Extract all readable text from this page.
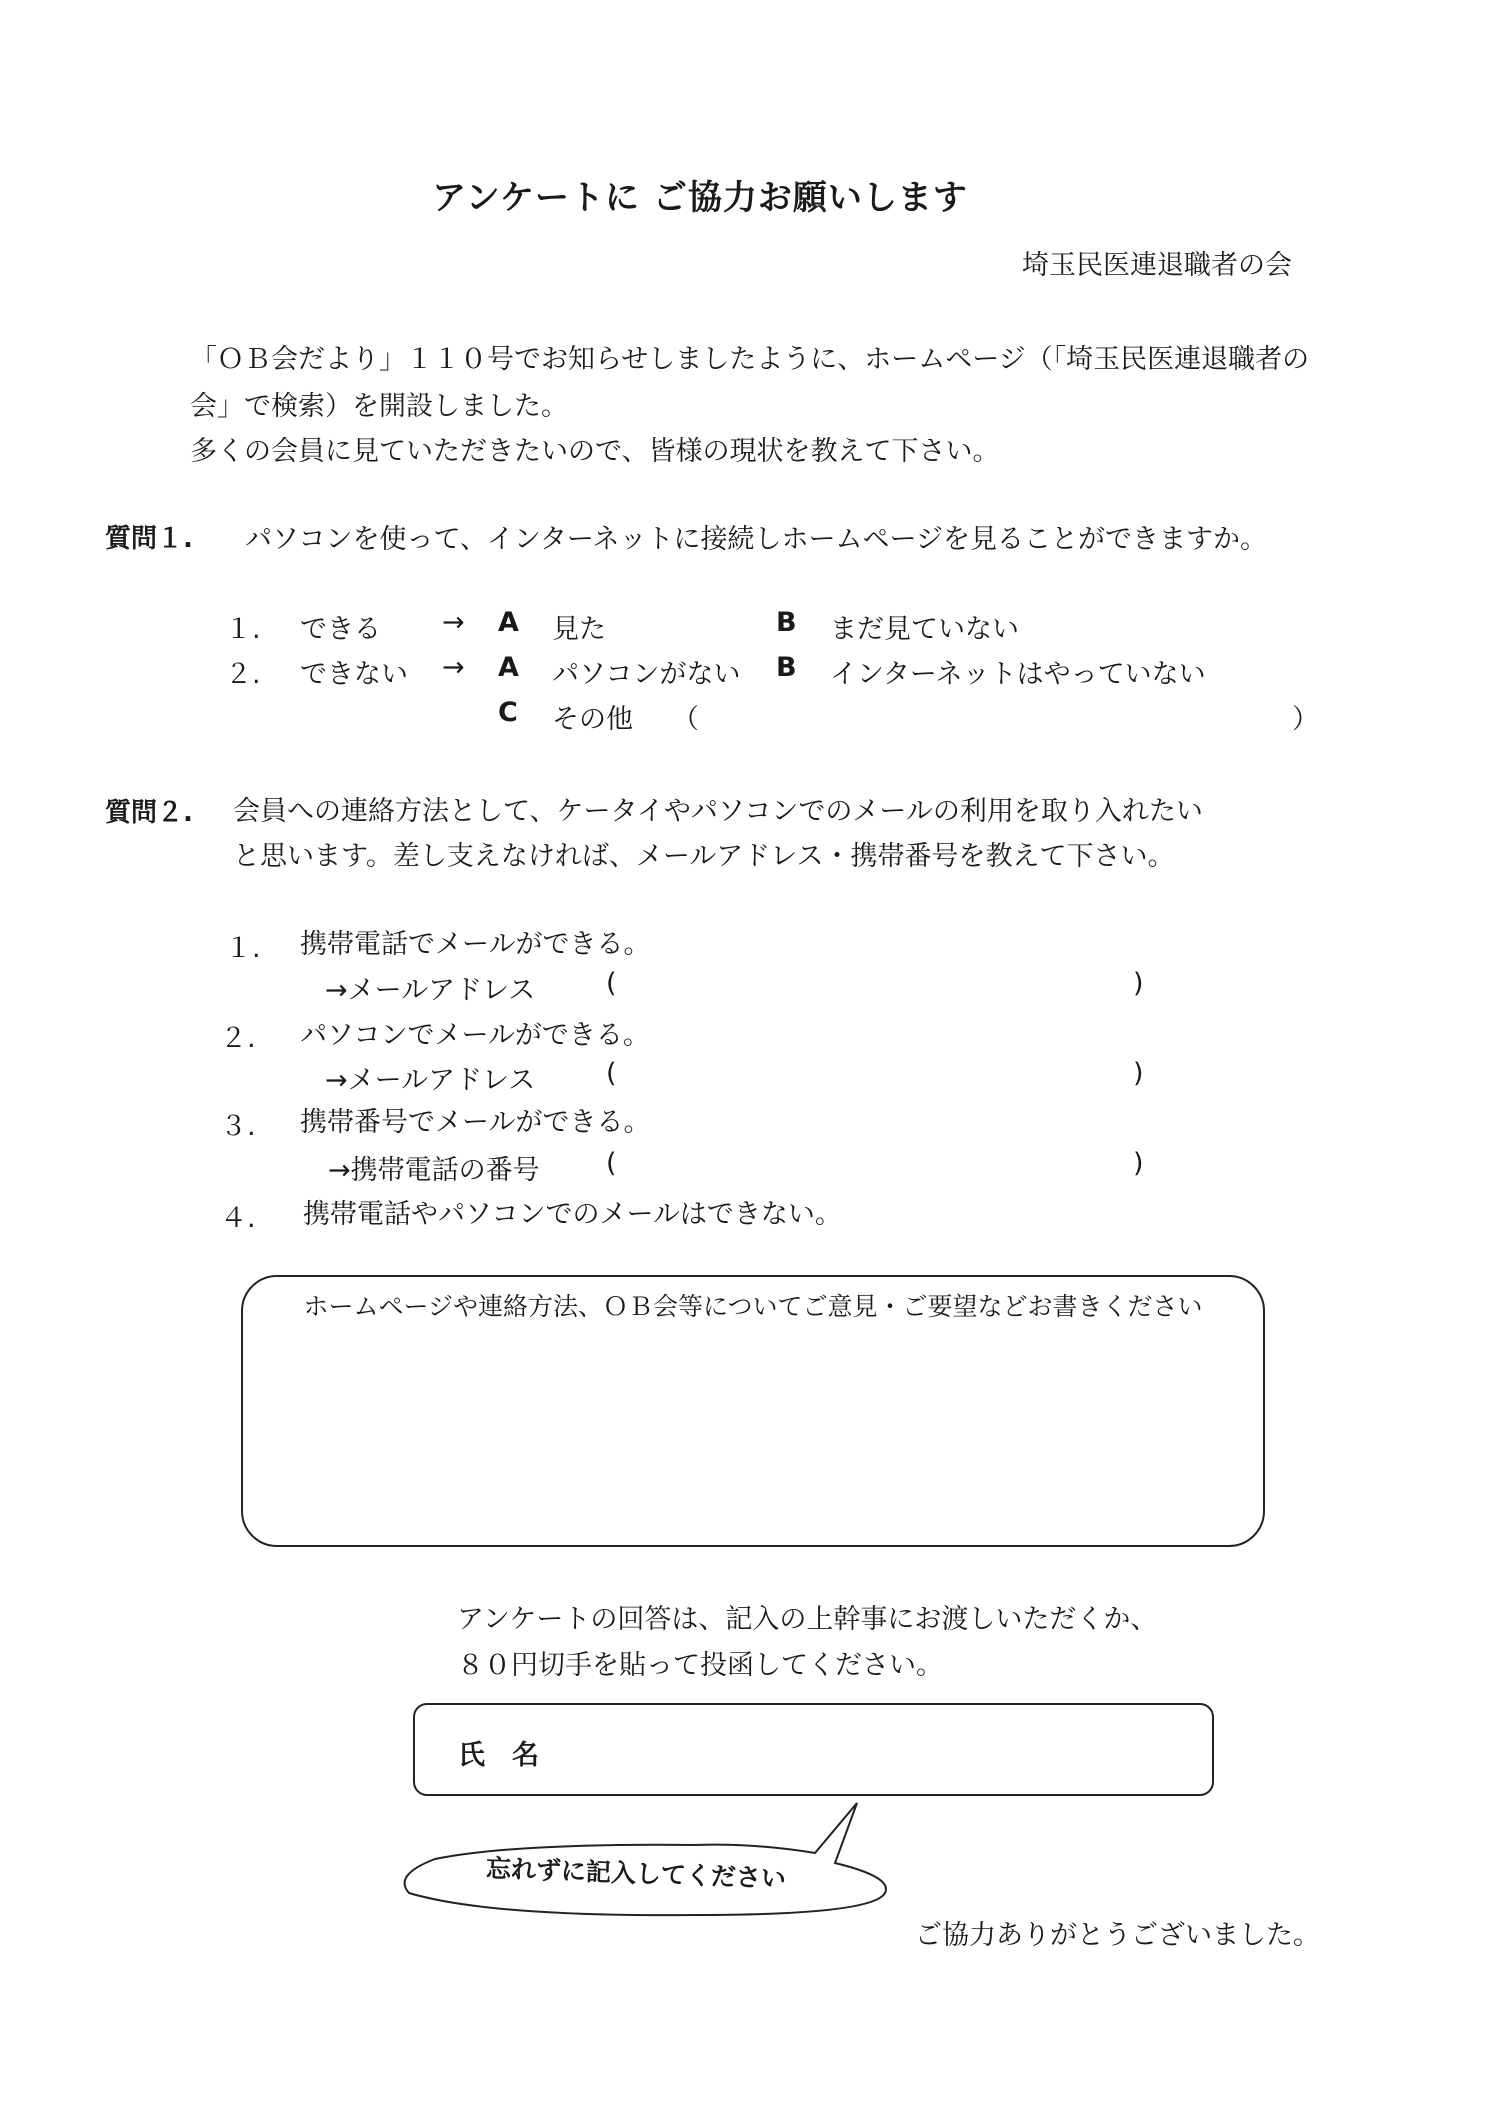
アンケートに ご協力お願いします
埼玉民医連退職者の会
「ＯＢ会だより」１１０号でお知らせしましたように、ホームページ（「埼玉民医連退職者の
会」で検索）を開設しました。
多くの会員に見ていただきたいので、皆様の現状を教えて下さい。
質問１. パソコンを使って、インターネットに接続しホームページを見ることができますか。
１. できる → A 見た	B まだ見ていない
２. できない → A パソコンがない B インターネットはやっていない
C その他 （	）
質問２. 会員への連絡方法として、ケータイやパソコンでのメールの利用を取り入れたい
と思います。差し支えなければ、メールアドレス・携帯番号を教えて下さい。
１. 携帯電話でメールができる。
→メールアドレス	(	)
２. パソコンでメールができる。
→メールアドレス	(	)
３. 携帯番号でメールができる。
→携帯電話の番号 (	)
４. 携帯電話やパソコンでのメールはできない。
ホームページや連絡方法、ＯＢ会等についてご意見・ご要望などお書きください
アンケートの回答は、記入の上幹事にお渡しいただくか、
８０円切手を貼って投函してください。
氏　名
忘れずに記入してください
ご協力ありがとうございました。
